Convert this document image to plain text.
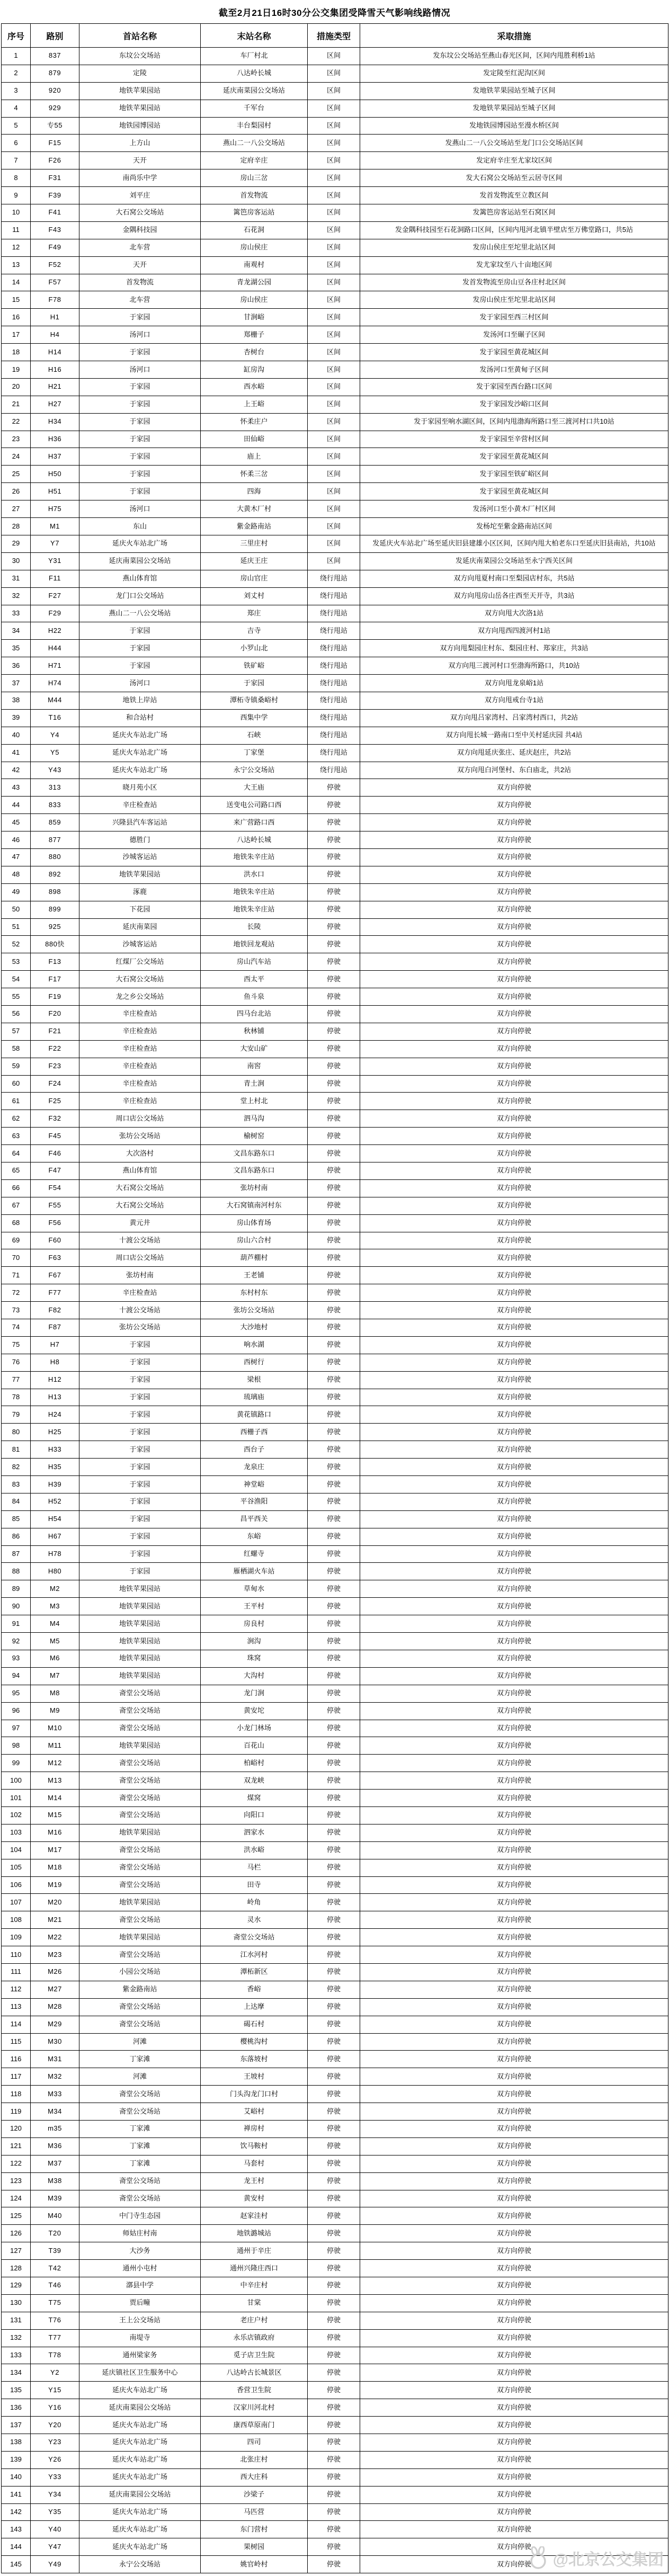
截至2月21日16时30分公交集团受降雪天气影响线路情况
序号	路别	首站名称	末站名称	措施类型	采取措施
1	837	东坟公交场站	车厂村北	区间	发东坟公交场站至燕山春光区间，区间内甩胜利桥1站
2	879	定陵	八达岭长城	区间	发定陵至红泥沟区间
3	920	地铁苹果园站	延庆南菜园公交场站	区间	发地铁苹果园站至城子区间
4	929	地铁苹果园站	千军台	区间	发地铁苹果园站至城子区间
5	专55	地铁园博园站	丰台梨园村	区间	发地铁园博园站至漫水桥区间
6	F15	上方山	燕山二一八公交场站	区间	发燕山二一八公交场站至龙门口公交场站区间
7	F26	天开	定府辛庄	区间	发定府辛庄至尤家坟区间
8	F31	南尚乐中学	房山三岔	区间	发大石窝公交场站至云居寺区间
9	F39	刘平庄	首发物流	区间	发首发物流至立教区间
10	F41	大石窝公交场站	篱笆房客运站	区间	发篱笆房客运站至石窝区间
11	F43	金隅科技园	石花洞	区间	发金隅科技园至石花洞路口区间，区间内甩河北镇半壁店至万佛堂路口，共5站
12	F49	北车营	房山侯庄	区间	发房山侯庄至坨里北站区间
13	F52	天开	南观村	区间	发尤家坟至八十亩地区间
14	F57	首发物流	青龙湖公园	区间	发首发物流至房山豆各庄村北区间
15	F78	北车营	房山侯庄	区间	发房山侯庄至坨里北站区间
16	H1	于家园	甘涧峪	区间	发于家园至西三村区间
17	H4	汤河口	郑栅子	区间	发汤河口至碾子区间
18	H14	于家园	杏树台	区间	发于家园至黄花城区间
19	H16	汤河口	缸房沟	区间	发汤河口至黄甸子区间
20	H21	于家园	西水峪	区间	发于家园至西台路口区间
21	H27	于家园	上王峪	区间	发于家园发沙峪口区间
22	H34	于家园	怀柔庄户	区间	发于家园至响水湖区间，区间内甩渤海所路口至三渡河村口共10站
23	H36	于家园	田仙峪	区间	发于家园至辛营村区间
24	H37	于家园	庙上	区间	发于家园至黄花城区间
25	H50	于家园	怀柔三岔	区间	发于家园至铁矿峪区间
26	H51	于家园	四海	区间	发于家园至黄花城区间
27	H75	汤河口	大黄木厂村	区间	发汤河口至小黄木厂村区间
28	M1	东山	紫金路南站	区间	发杨坨至紫金路南站区间
29	Y7	延庆火车站北广场	三里庄村	区间	发延庆火车站北广场至延庆旧县建雄小区区间，区间内甩大柏老东口至延庆旧县南站，共10站
30	Y31	延庆南菜园公交场站	延庆王庄	区间	发延庆南菜园公交场站至永宁西关区间
31	F11	燕山体育馆	房山官庄	绕行甩站	双方向甩夏村南口至梨园店村东，共5站
32	F27	龙门口公交场站	刘丈村	绕行甩站	双方向甩房山岳各庄西至天开寺，共3站
33	F29	燕山二一八公交场站	郑庄	绕行甩站	双方向甩大次洛1站
34	H22	于家园	吉寺	绕行甩站	双方向甩西四渡河村1站
35	H44	于家园	小罗山北	绕行甩站	双方向甩梨园庄村东、梨园庄村、郑家庄，共3站
36	H71	于家园	铁矿峪	绕行甩站	双方向甩三渡河村口至渤海所路口，共10站
37	H74	汤河口	于家园	绕行甩站	双方向甩龙泉峪1站
38	M44	地铁上岸站	潭柘寺镇桑峪村	绕行甩站	双方向甩戒台寺1站
39	T16	和合站村	西集中学	绕行甩站	双方向甩吕家湾村、吕家湾村西口，共2站
40	Y4	延庆火车站北广场	石峡	绕行甩站	双方向甩长城一路南口至中关村延庆园 共4站
41	Y5	延庆火车站北广场	丁家堡	绕行甩站	双方向甩延庆张庄、延庆赵庄，共2站
42	Y43	延庆火车站北广场	永宁公交场站	绕行甩站	双方向甩白河堡村、东白庙北，共2站
43	313	晓月苑小区	大王庙	停驶	双方向停驶
44	833	辛庄检查站	送变电公司路口西	停驶	双方向停驶
45	859	兴隆县汽车客运站	来广营路口西	停驶	双方向停驶
46	877	德胜门	八达岭长城	停驶	双方向停驶
47	880	沙城客运站	地铁朱辛庄站	停驶	双方向停驶
48	892	地铁苹果园站	洪水口	停驶	双方向停驶
49	898	涿鹿	地铁朱辛庄站	停驶	双方向停驶
50	899	下花园	地铁朱辛庄站	停驶	双方向停驶
51	925	延庆南菜园	长陵	停驶	双方向停驶
52	880快	沙城客运站	地铁回龙观站	停驶	双方向停驶
53	F13	红煤厂公交场站	房山汽车站	停驶	双方向停驶
54	F17	大石窝公交场站	西太平	停驶	双方向停驶
55	F19	龙之乡公交场站	鱼斗泉	停驶	双方向停驶
56	F20	辛庄检查站	四马台北站	停驶	双方向停驶
57	F21	辛庄检查站	秋林铺	停驶	双方向停驶
58	F22	辛庄检查站	大安山矿	停驶	双方向停驶
59	F23	辛庄检查站	南窖	停驶	双方向停驶
60	F24	辛庄检查站	青土涧	停驶	双方向停驶
61	F25	辛庄检查站	堂上村北	停驶	双方向停驶
62	F32	周口店公交场站	泗马沟	停驶	双方向停驶
63	F45	张坊公交场站	榆树窑	停驶	双方向停驶
64	F46	大次洛村	文昌东路东口	停驶	双方向停驶
65	F47	燕山体育馆	文昌东路东口	停驶	双方向停驶
66	F54	大石窝公交场站	张坊村南	停驶	双方向停驶
67	F55	大石窝公交场站	大石窝镇南河村东	停驶	双方向停驶
68	F56	黄元井	房山体育场	停驶	双方向停驶
69	F60	十渡公交场站	房山六合村	停驶	双方向停驶
70	F63	周口店公交场站	葫芦棚村	停驶	双方向停驶
71	F67	张坊村南	王老铺	停驶	双方向停驶
72	F77	辛庄检查站	东村村东	停驶	双方向停驶
73	F82	十渡公交场站	张坊公交场站	停驶	双方向停驶
74	F87	张坊公交场站	大沙地村	停驶	双方向停驶
75	H7	于家园	响水湖	停驶	双方向停驶
76	H8	于家园	西树行	停驶	双方向停驶
77	H12	于家园	梁根	停驶	双方向停驶
78	H13	于家园	琉璃庙	停驶	双方向停驶
79	H24	于家园	黄花镇路口	停驶	双方向停驶
80	H25	于家园	西栅子西	停驶	双方向停驶
81	H33	于家园	西台子	停驶	双方向停驶
82	H35	于家园	龙泉庄	停驶	双方向停驶
83	H39	于家园	神堂峪	停驶	双方向停驶
84	H52	于家园	平谷渔阳	停驶	双方向停驶
85	H54	于家园	昌平西关	停驶	双方向停驶
86	H67	于家园	东峪	停驶	双方向停驶
87	H78	于家园	红螺寺	停驶	双方向停驶
88	H80	于家园	雁栖湖火车站	停驶	双方向停驶
89	M2	地铁苹果园站	草甸水	停驶	双方向停驶
90	M3	地铁苹果园站	王平村	停驶	双方向停驶
91	M4	地铁苹果园站	房良村	停驶	双方向停驶
92	M5	地铁苹果园站	涧沟	停驶	双方向停驶
93	M6	地铁苹果园站	珠窝	停驶	双方向停驶
94	M7	地铁苹果园站	大沟村	停驶	双方向停驶
95	M8	斋堂公交场站	龙门涧	停驶	双方向停驶
96	M9	斋堂公交场站	黄安坨	停驶	双方向停驶
97	M10	斋堂公交场站	小龙门林场	停驶	双方向停驶
98	M11	地铁苹果园站	百花山	停驶	双方向停驶
99	M12	斋堂公交场站	柏峪村	停驶	双方向停驶
100	M13	斋堂公交场站	双龙峡	停驶	双方向停驶
101	M14	斋堂公交场站	煤窝	停驶	双方向停驶
102	M15	斋堂公交场站	向阳口	停驶	双方向停驶
103	M16	地铁苹果园站	泗家水	停驶	双方向停驶
104	M17	斋堂公交场站	洪水峪	停驶	双方向停驶
105	M18	斋堂公交场站	马栏	停驶	双方向停驶
106	M19	斋堂公交场站	田寺	停驶	双方向停驶
107	M20	地铁苹果园站	岭角	停驶	双方向停驶
108	M21	斋堂公交场站	灵水	停驶	双方向停驶
109	M22	地铁苹果园站	斋堂公交场站	停驶	双方向停驶
110	M23	斋堂公交场站	江水河村	停驶	双方向停驶
111	M26	小园公交场站	潭柘新区	停驶	双方向停驶
112	M27	紫金路南站	香峪	停驶	双方向停驶
113	M28	斋堂公交场站	上达摩	停驶	双方向停驶
114	M29	斋堂公交场站	碣石村	停驶	双方向停驶
115	M30	河滩	樱桃沟村	停驶	双方向停驶
116	M31	丁家滩	东落坡村	停驶	双方向停驶
117	M32	河滩	王坡村	停驶	双方向停驶
118	M33	斋堂公交场站	门头沟龙门口村	停驶	双方向停驶
119	M34	斋堂公交场站	艾峪村	停驶	双方向停驶
120	m35	丁家滩	禅房村	停驶	双方向停驶
121	M36	丁家滩	饮马鞍村	停驶	双方向停驶
122	M37	丁家滩	马套村	停驶	双方向停驶
123	M38	斋堂公交场站	龙王村	停驶	双方向停驶
124	M39	斋堂公交场站	黄安村	停驶	双方向停驶
125	M40	中门寺生态园	赵家洼村	停驶	双方向停驶
126	T20	师姑庄村南	地铁潞城站	停驶	双方向停驶
127	T39	大沙务	通州于辛庄	停驶	双方向停驶
128	T42	通州小屯村	通州兴隆庄西口	停驶	双方向停驶
129	T46	漷县中学	中辛庄村	停驶	双方向停驶
130	T75	贾后疃	甘棠	停驶	双方向停驶
131	T76	王上公交场站	老庄户村	停驶	双方向停驶
132	T77	南堤寺	永乐店镇政府	停驶	双方向停驶
133	T78	通州梁家务	觅子店卫生院	停驶	双方向停驶
134	Y2	延庆镇社区卫生服务中心	八达岭古长城景区	停驶	双方向停驶
135	Y15	延庆火车站北广场	香营卫生院	停驶	双方向停驶
136	Y16	延庆南菜园公交场站	汉家川河北村	停驶	双方向停驶
137	Y20	延庆火车站北广场	康西草原南门	停驶	双方向停驶
138	Y23	延庆火车站北广场	四司	停驶	双方向停驶
139	Y26	延庆火车站北广场	北张庄村	停驶	双方向停驶
140	Y33	延庆火车站北广场	西大庄科	停驶	双方向停驶
141	Y34	延庆南菜园公交场站	沙梁子	停驶	双方向停驶
142	Y35	延庆火车站北广场	马匹营	停驶	双方向停驶
143	Y40	延庆火车站北广场	东门营村	停驶	双方向停驶
144	Y47	延庆火车站北广场	果树园	停驶	双方向停驶
145	Y49	永宁公交场站	姚官岭村	停驶	双方向停驶 @北京公交集团
